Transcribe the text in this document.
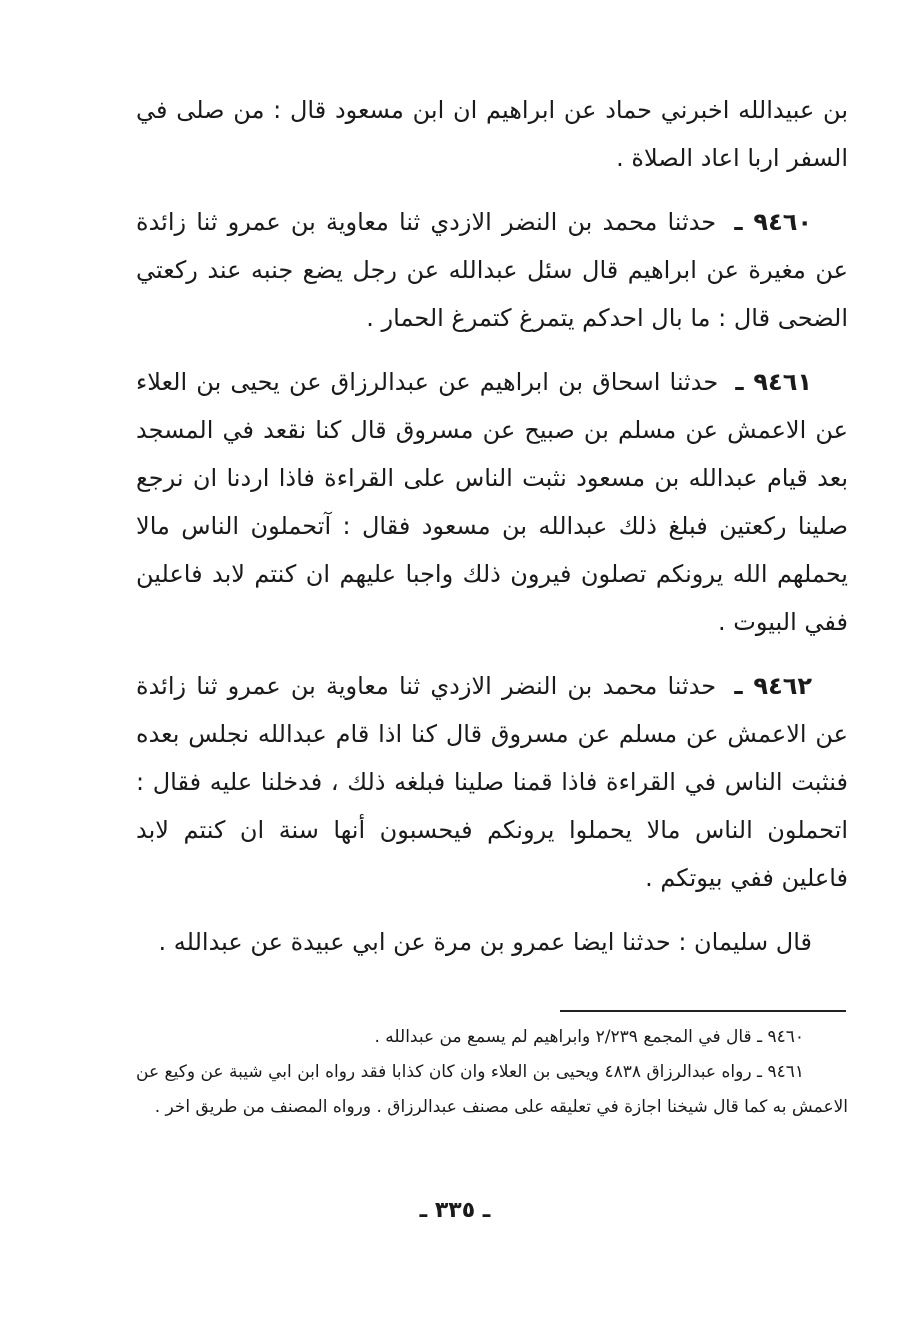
بن عبيدالله اخبرني حماد عن ابراهيم ان ابن مسعود قال : من صلى في السفر اربا اعاد الصلاة .

٩٤٦٠ ـ حدثنا محمد بن النضر الازدي ثنا معاوية بن عمرو ثنا زائدة عن مغيرة عن ابراهيم قال سئل عبدالله عن رجل يضع جنبه عند ركعتي الضحى قال : ما بال احدكم يتمرغ كتمرغ الحمار .

٩٤٦١ ـ حدثنا اسحاق بن ابراهيم عن عبدالرزاق عن يحيى بن العلاء عن الاعمش عن مسلم بن صبيح عن مسروق قال كنا نقعد في المسجد بعد قيام عبدالله بن مسعود نثبت الناس على القراءة فاذا اردنا ان نرجع صلينا ركعتين فبلغ ذلك عبدالله بن مسعود فقال : آتحملون الناس مالا يحملهم الله يرونكم تصلون فيرون ذلك واجبا عليهم ان كنتم لابد فاعلين ففي البيوت .

٩٤٦٢ ـ حدثنا محمد بن النضر الازدي ثنا معاوية بن عمرو ثنا زائدة عن الاعمش عن مسلم عن مسروق قال كنا اذا قام عبدالله نجلس بعده فنثبت الناس في القراءة فاذا قمنا صلينا فبلغه ذلك ، فدخلنا عليه فقال : اتحملون الناس مالا يحملوا يرونكم فيحسبون أنها سنة ان كنتم لابد فاعلين ففي بيوتكم .

قال سليمان : حدثنا ايضا عمرو بن مرة عن ابي عبيدة عن عبدالله .

٩٤٦٠ ـ قال في المجمع ٢/٢٣٩ وابراهيم لم يسمع من عبدالله .

٩٤٦١ ـ رواه عبدالرزاق ٤٨٣٨ ويحيى بن العلاء وان كان كذابا فقد رواه ابن ابي شيبة عن وكيع عن الاعمش به كما قال شيخنا اجازة في تعليقه على مصنف عبدالرزاق . ورواه المصنف من طريق اخر .

ـ ٣٣٥ ـ
